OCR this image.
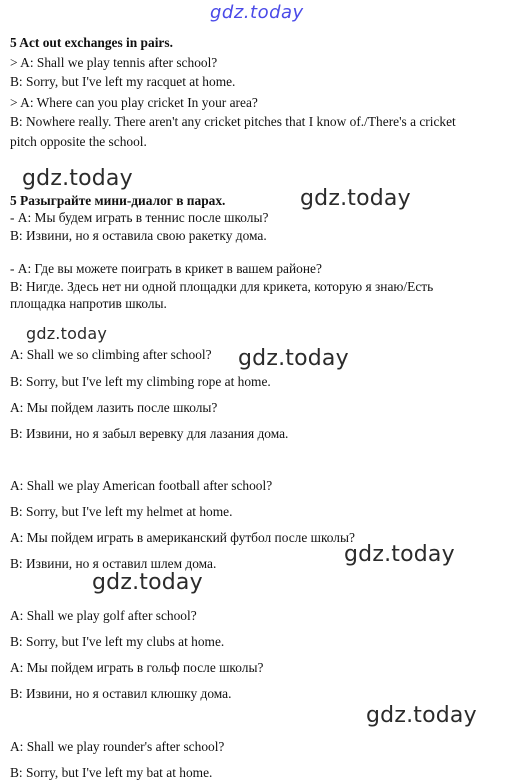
gdz.today
gdz.today
gdz.today
gdz.today
gdz.today
gdz.today
gdz.today
gdz.today
5 Act out exchanges in pairs.
> A: Shall we play tennis after school?
B: Sorry, but I've left my racquet at home.
> A: Where can you play cricket In your area?
B: Nowhere really. There aren't any cricket pitches that I know of./There's a cricket
pitch opposite the school.
5 Разыграйте мини-диалог в парах.
- А: Мы будем играть в теннис после школы?
В: Извини, но я оставила свою ракетку дома.
- А: Где вы можете поиграть в крикет в вашем районе?
В: Нигде. Здесь нет ни одной площадки для крикета, которую я знаю/Есть
площадка напротив школы.
A: Shall we so climbing after school?
B: Sorry, but I've left my climbing rope at home.
А: Мы пойдем лазить после школы?
В: Извини, но я забыл веревку для лазания дома.
A: Shall we play American football after school?
B: Sorry, but I've left my helmet at home.
А: Мы пойдем играть в американский футбол после школы?
В: Извини, но я оставил шлем дома.
A: Shall we play golf after school?
B: Sorry, but I've left my clubs at home.
А: Мы пойдем играть в гольф после школы?
В: Извини, но я оставил клюшку дома.
A: Shall we play rounder's after school?
B: Sorry, but I've left my bat at home.
